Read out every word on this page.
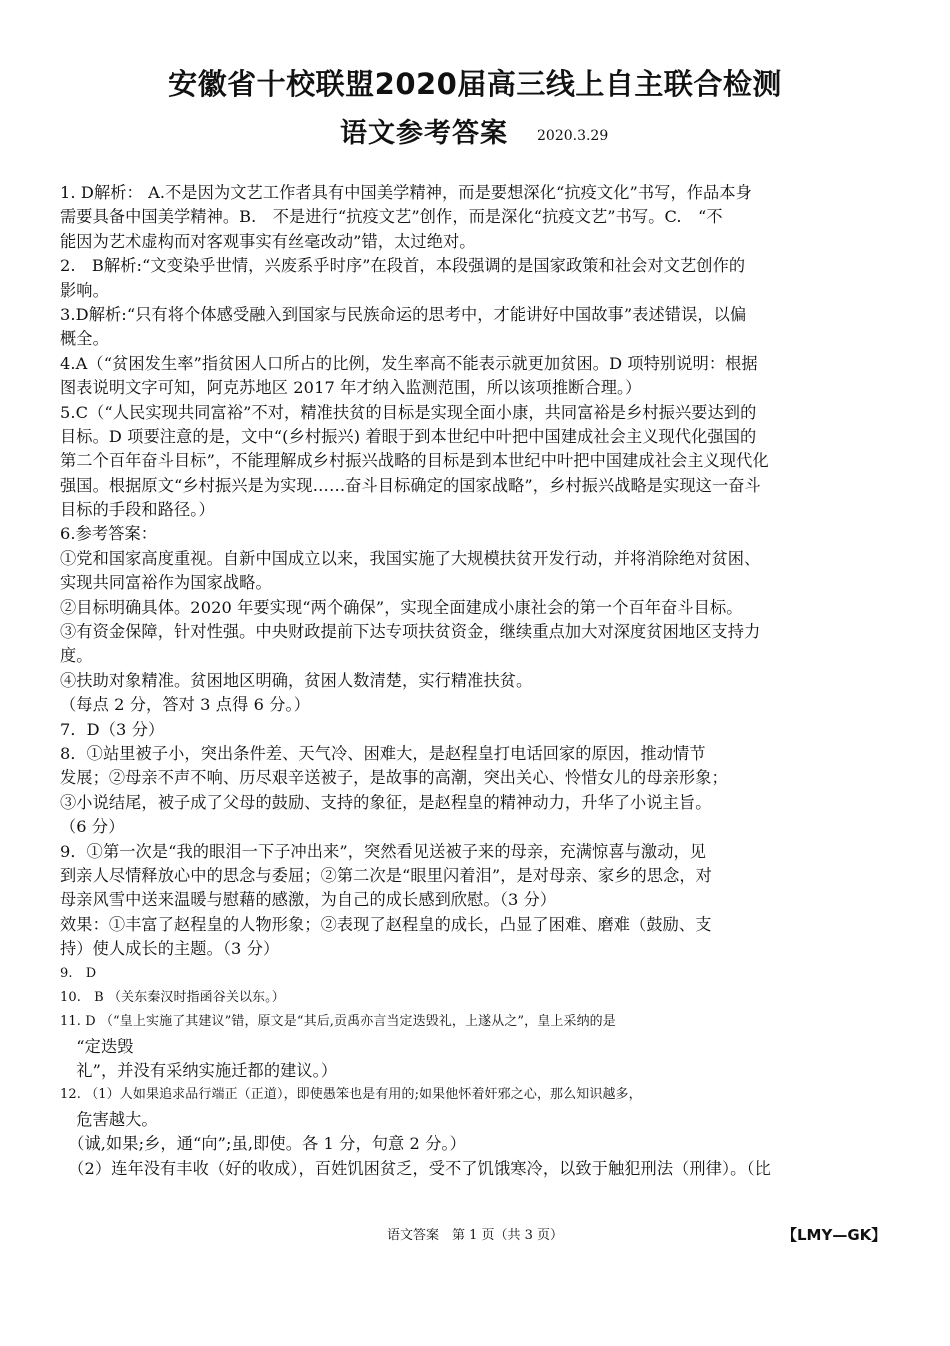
安徽省十校联盟2020届高三线上自主联合检测
语文参考答案 2020.3.29
1. D解析： A.不是因为文艺工作者具有中国美学精神，而是要想深化“抗疫文化”书写，作品本身
需要具备中国美学精神。B.　不是进行“抗疫文艺”创作，而是深化“抗疫文艺”书写。C.　“不
能因为艺术虚构而对客观事实有丝毫改动”错，太过绝对。
2.　B解析:“文变染乎世情，兴废系乎时序”在段首，本段强调的是国家政策和社会对文艺创作的
影响。
3.D解析:“只有将个体感受融入到国家与民族命运的思考中，才能讲好中国故事”表述错误，以偏
概全。
4.A（“贫困发生率”指贫困人口所占的比例，发生率高不能表示就更加贫困。D 项特别说明：根据
图表说明文字可知，阿克苏地区 2017 年才纳入监测范围，所以该项推断合理。）
5.C（“人民实现共同富裕”不对，精准扶贫的目标是实现全面小康，共同富裕是乡村振兴要达到的
目标。D 项要注意的是，文中“(乡村振兴) 着眼于到本世纪中叶把中国建成社会主义现代化强国的
第二个百年奋斗目标”，不能理解成乡村振兴战略的目标是到本世纪中叶把中国建成社会主义现代化
强国。根据原文“乡村振兴是为实现……奋斗目标确定的国家战略”，乡村振兴战略是实现这一奋斗
目标的手段和路径。）
6.参考答案：
①党和国家高度重视。自新中国成立以来，我国实施了大规模扶贫开发行动，并将消除绝对贫困、
实现共同富裕作为国家战略。
②目标明确具体。2020 年要实现“两个确保”，实现全面建成小康社会的第一个百年奋斗目标。
③有资金保障，针对性强。中央财政提前下达专项扶贫资金，继续重点加大对深度贫困地区支持力
度。
④扶助对象精准。贫困地区明确，贫困人数清楚，实行精准扶贫。
（每点 2 分，答对 3 点得 6 分。）
7．D（3 分）
8．①站里被子小，突出条件差、天气冷、困难大，是赵程皇打电话回家的原因，推动情节
发展；②母亲不声不响、历尽艰辛送被子，是故事的高潮，突出关心、怜惜女儿的母亲形象；
③小说结尾，被子成了父母的鼓励、支持的象征，是赵程皇的精神动力，升华了小说主旨。
（6 分）
9．①第一次是“我的眼泪一下子冲出来”，突然看见送被子来的母亲，充满惊喜与激动，见
到亲人尽情释放心中的思念与委屈；②第二次是“眼里闪着泪”，是对母亲、家乡的思念，对
母亲风雪中送来温暖与慰藉的感激，为自己的成长感到欣慰。（3 分）
效果：①丰富了赵程皇的人物形象；②表现了赵程皇的成长，凸显了困难、磨难（鼓励、支
持）使人成长的主题。（3 分）
9.　D
10.　B （关东秦汉时指函谷关以东。）
11. D （“皇上实施了其建议”错，原文是“其后,贡禹亦言当定迭毁礼，上遂从之”，皇上采纳的是
　“定迭毁
　礼”，并没有采纳实施迁都的建议。）
12. （1）人如果追求品行端正（正道），即使愚笨也是有用的;如果他怀着奸邪之心，那么知识越多，
　危害越大。
　（诚,如果;乡，通“向”;虽,即使。各 1 分，句意 2 分。）
　（2）连年没有丰收（好的收成），百姓饥困贫乏，受不了饥饿寒冷，以致于触犯刑法（刑律）。（比
语文答案　第 1 页（共 3 页）	【LMY—GK】
